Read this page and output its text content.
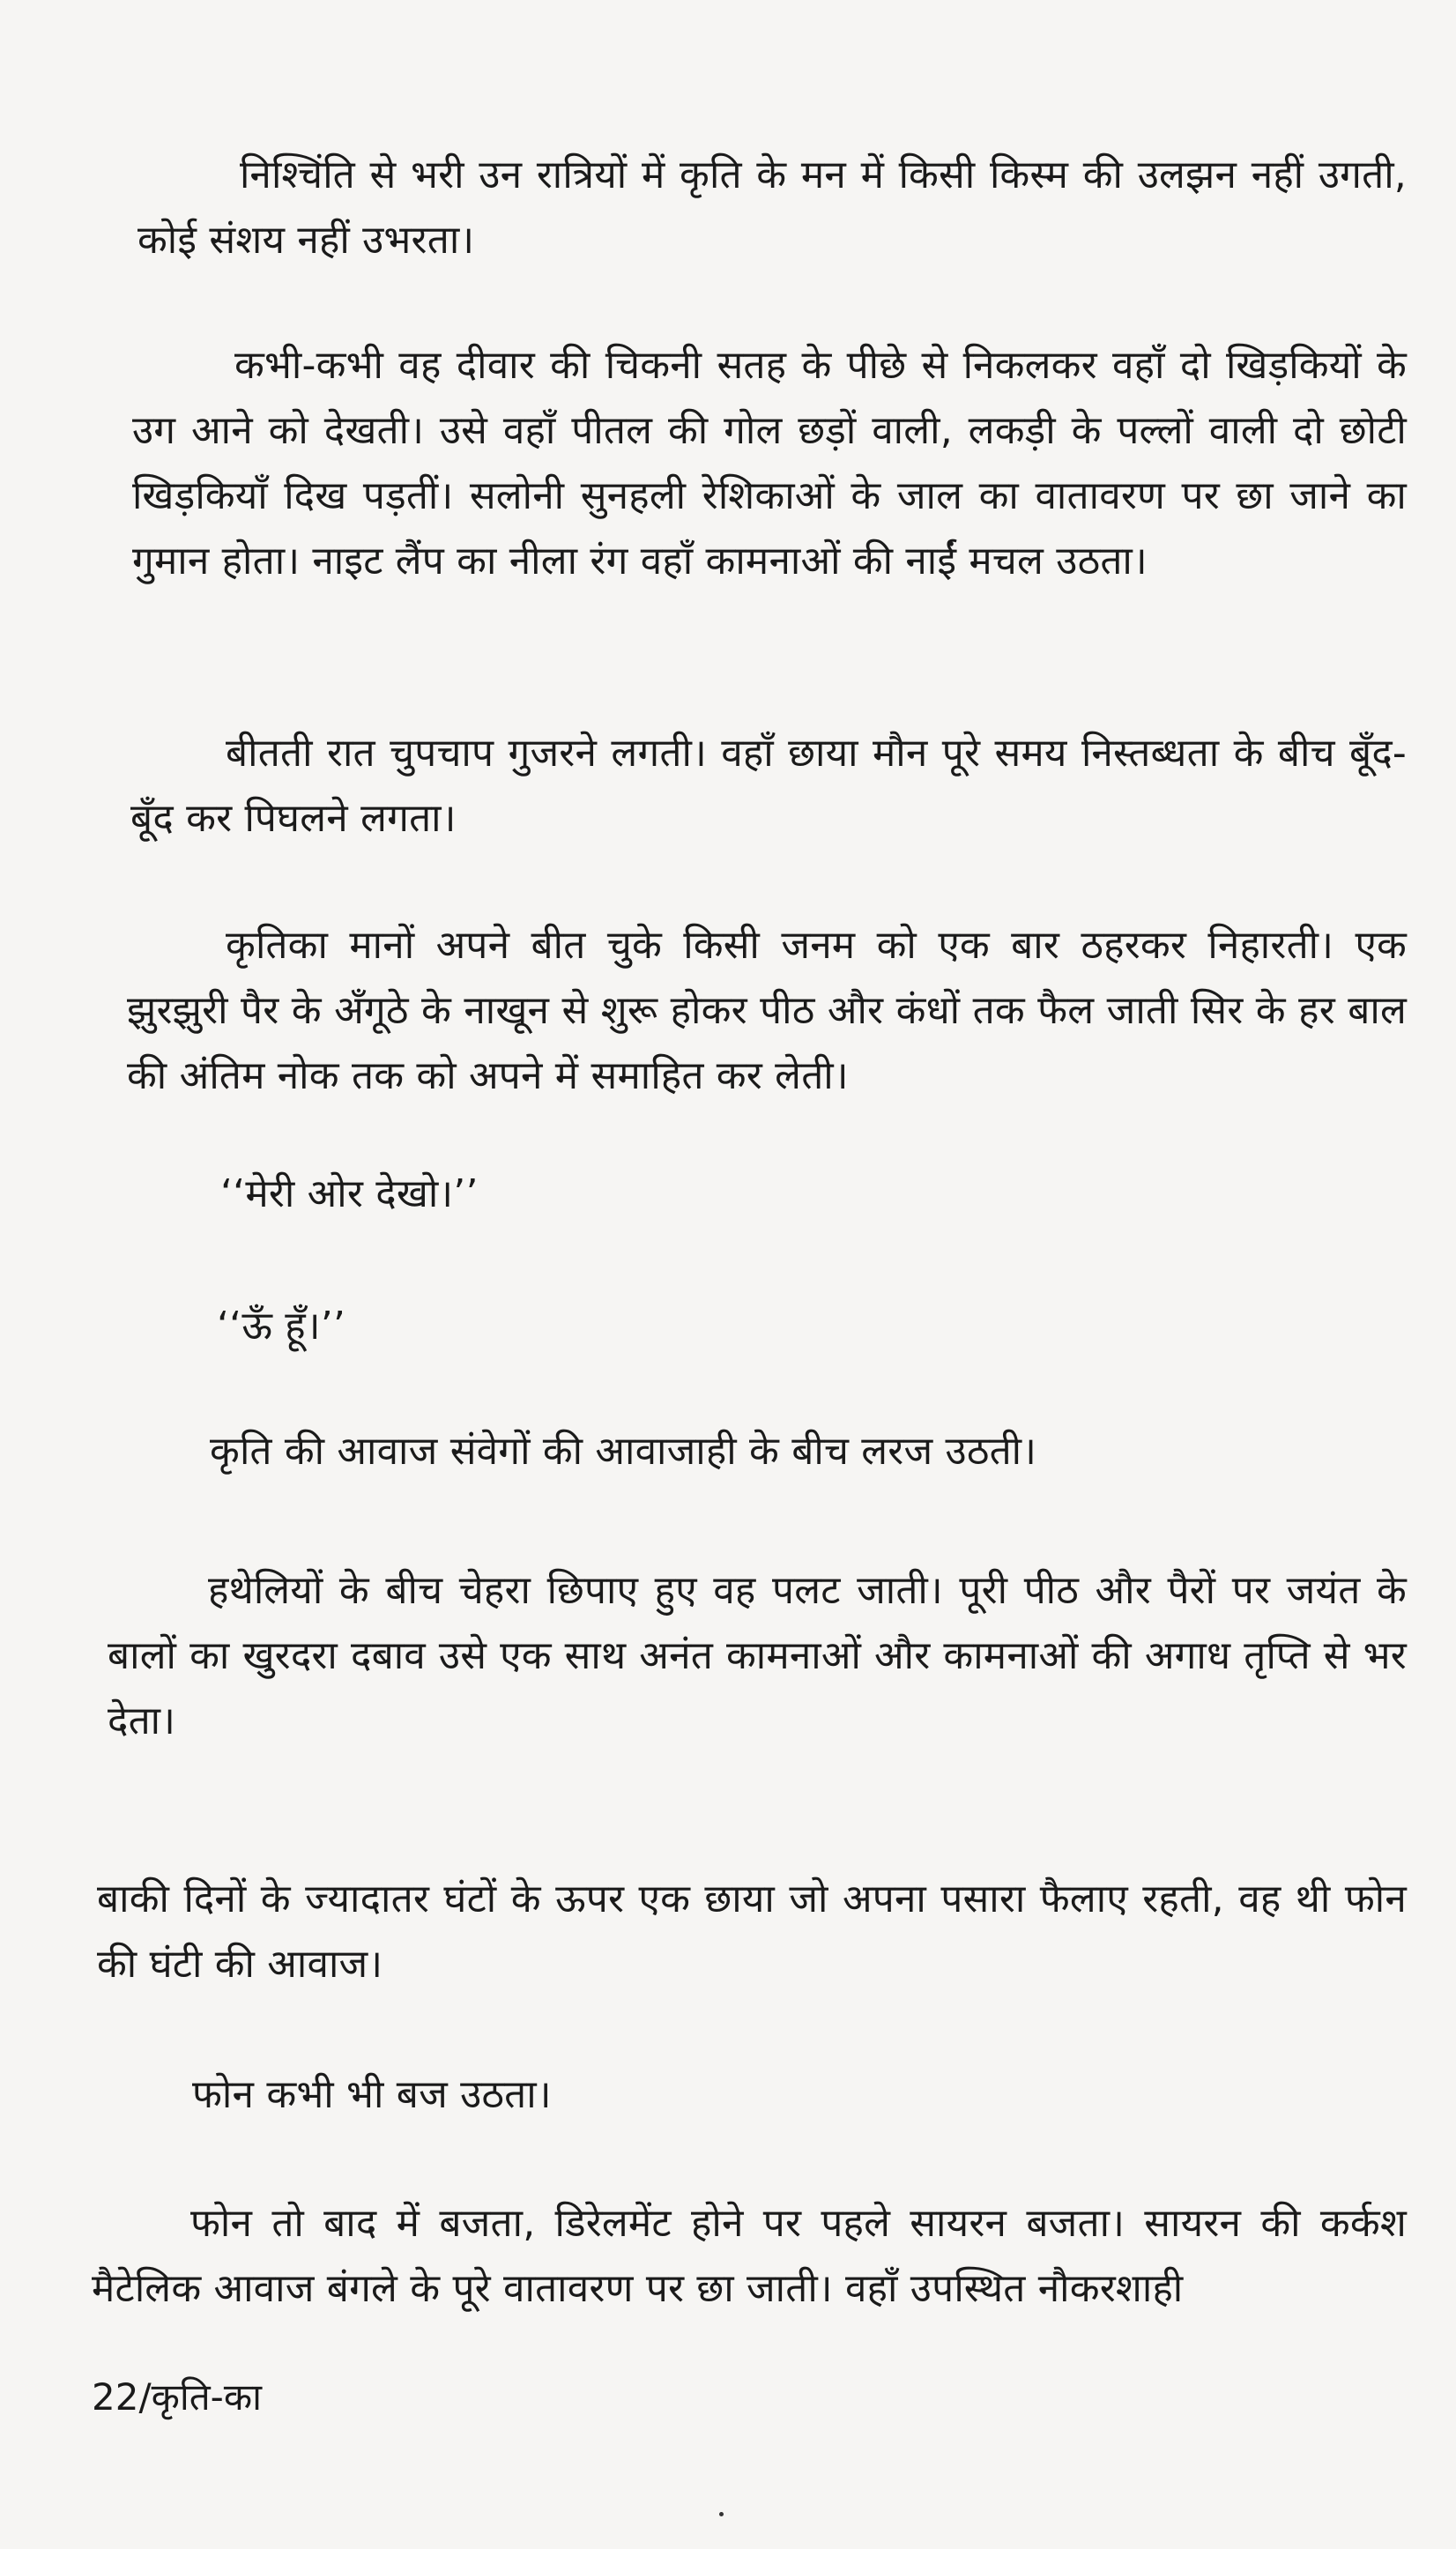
निश्चिंति से भरी उन रात्रियों में कृति के मन में किसी किस्म की उलझन नहीं उगती, कोई संशय नहीं उभरता।

कभी-कभी वह दीवार की चिकनी सतह के पीछे से निकलकर वहाँ दो खिड़कियों के उग आने को देखती। उसे वहाँ पीतल की गोल छड़ों वाली, लकड़ी के पल्लों वाली दो छोटी खिड़कियाँ दिख पड़तीं। सलोनी सुनहली रेशिकाओं के जाल का वातावरण पर छा जाने का गुमान होता। नाइट लैंप का नीला रंग वहाँ कामनाओं की नाईं मचल उठता।

बीतती रात चुपचाप गुजरने लगती। वहाँ छाया मौन पूरे समय निस्तब्धता के बीच बूँद-बूँद कर पिघलने लगता।

कृतिका मानों अपने बीत चुके किसी जनम को एक बार ठहरकर निहारती। एक झुरझुरी पैर के अँगूठे के नाखून से शुरू होकर पीठ और कंधों तक फैल जाती सिर के हर बाल की अंतिम नोक तक को अपने में समाहित कर लेती।

‘‘मेरी ओर देखो।’’

‘‘ऊँ हूँ।’’

कृति की आवाज संवेगों की आवाजाही के बीच लरज उठती।

हथेलियों के बीच चेहरा छिपाए हुए वह पलट जाती। पूरी पीठ और पैरों पर जयंत के बालों का खुरदरा दबाव उसे एक साथ अनंत कामनाओं और कामनाओं की अगाध तृप्ति से भर देता।

बाकी दिनों के ज्यादातर घंटों के ऊपर एक छाया जो अपना पसारा फैलाए रहती, वह थी फोन की घंटी की आवाज।

फोन कभी भी बज उठता।

फोन तो बाद में बजता, डिरेलमेंट होने पर पहले सायरन बजता। सायरन की कर्कश मैटेलिक आवाज बंगले के पूरे वातावरण पर छा जाती। वहाँ उपस्थित नौकरशाही

22/कृति-का
